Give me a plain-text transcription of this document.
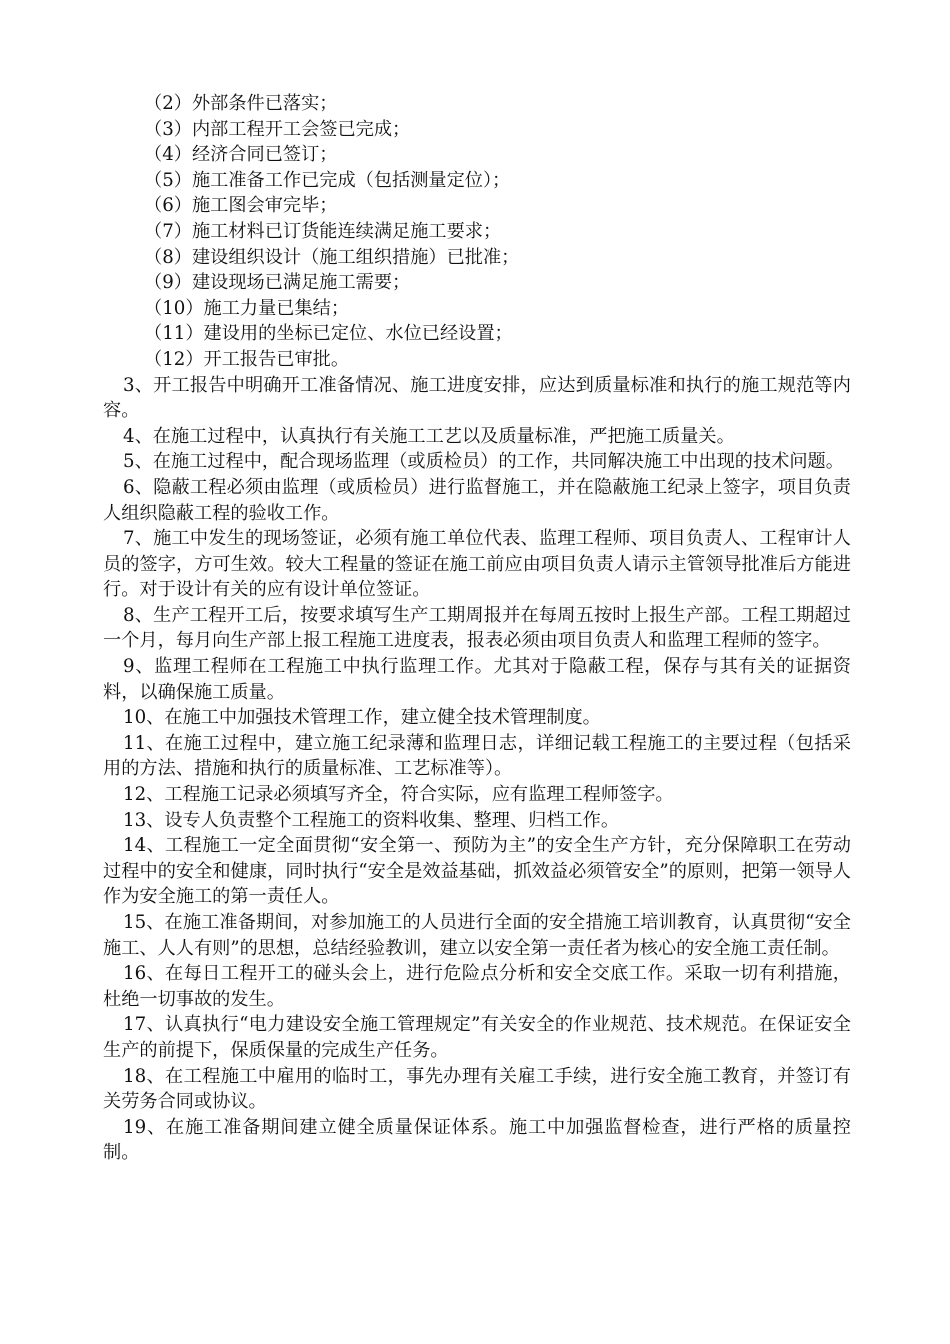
（2）外部条件已落实；

（3）内部工程开工会签已完成；

（4）经济合同已签订；

（5）施工准备工作已完成（包括测量定位）；

（6）施工图会审完毕；

（7）施工材料已订货能连续满足施工要求；

（8）建设组织设计（施工组织措施）已批准；

（9）建设现场已满足施工需要；

（10）施工力量已集结；

（11）建设用的坐标已定位、水位已经设置；

（12）开工报告已审批。

3、开工报告中明确开工准备情况、施工进度安排，应达到质量标准和执行的施工规范等内容。

4、在施工过程中，认真执行有关施工工艺以及质量标准，严把施工质量关。

5、在施工过程中，配合现场监理（或质检员）的工作，共同解决施工中出现的技术问题。

6、隐蔽工程必须由监理（或质检员）进行监督施工，并在隐蔽施工纪录上签字，项目负责人组织隐蔽工程的验收工作。

7、施工中发生的现场签证，必须有施工单位代表、监理工程师、项目负责人、工程审计人员的签字，方可生效。较大工程量的签证在施工前应由项目负责人请示主管领导批准后方能进行。对于设计有关的应有设计单位签证。

8、生产工程开工后，按要求填写生产工期周报并在每周五按时上报生产部。工程工期超过一个月，每月向生产部上报工程施工进度表，报表必须由项目负责人和监理工程师的签字。

9、监理工程师在工程施工中执行监理工作。尤其对于隐蔽工程，保存与其有关的证据资料，以确保施工质量。

10、在施工中加强技术管理工作，建立健全技术管理制度。

11、在施工过程中，建立施工纪录薄和监理日志，详细记载工程施工的主要过程（包括采用的方法、措施和执行的质量标准、工艺标准等）。

12、工程施工记录必须填写齐全，符合实际，应有监理工程师签字。

13、设专人负责整个工程施工的资料收集、整理、归档工作。

14、工程施工一定全面贯彻“安全第一、预防为主”的安全生产方针，充分保障职工在劳动过程中的安全和健康，同时执行“安全是效益基础，抓效益必须管安全”的原则，把第一领导人作为安全施工的第一责任人。

15、在施工准备期间，对参加施工的人员进行全面的安全措施工培训教育，认真贯彻“安全施工、人人有则”的思想，总结经验教训，建立以安全第一责任者为核心的安全施工责任制。

16、在每日工程开工的碰头会上，进行危险点分析和安全交底工作。采取一切有利措施，杜绝一切事故的发生。

17、认真执行“电力建设安全施工管理规定”有关安全的作业规范、技术规范。在保证安全生产的前提下，保质保量的完成生产任务。

18、在工程施工中雇用的临时工，事先办理有关雇工手续，进行安全施工教育，并签订有关劳务合同或协议。

19、在施工准备期间建立健全质量保证体系。施工中加强监督检查，进行严格的质量控制。
